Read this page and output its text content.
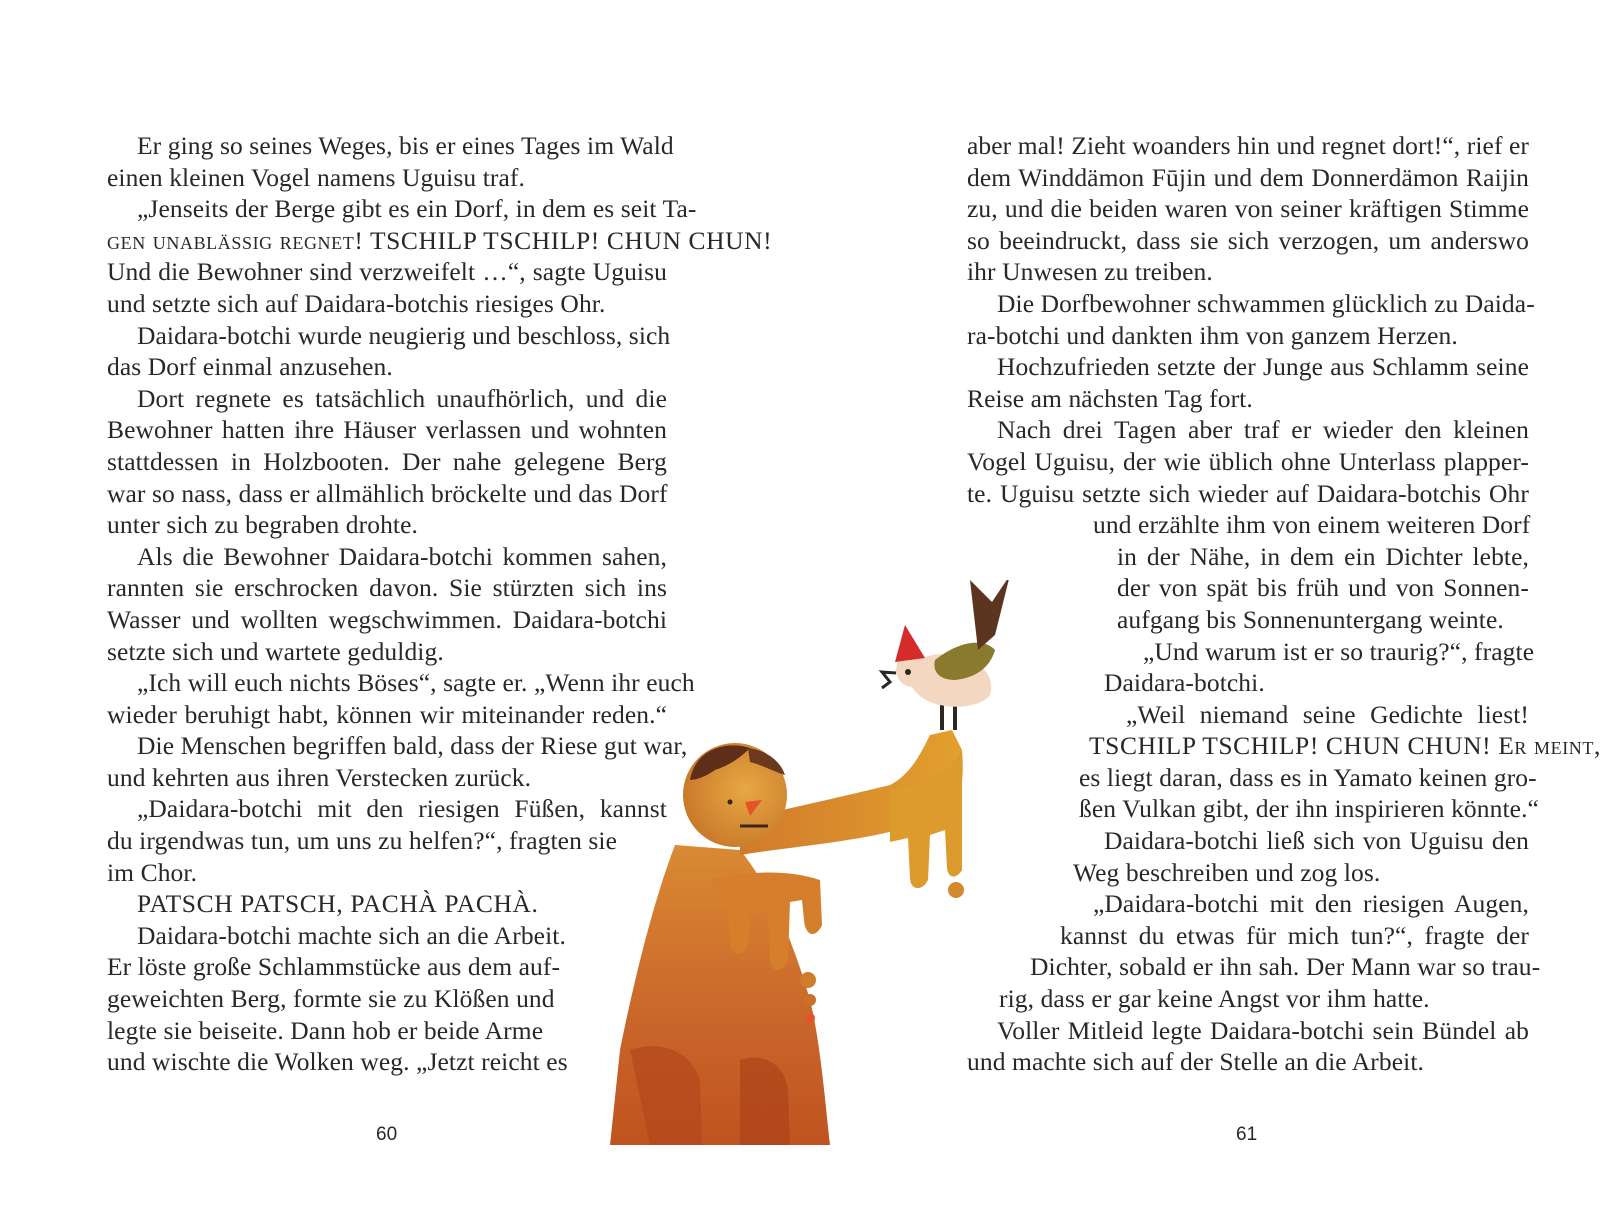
Er ging so seines Weges, bis er eines Tages im Wald
einen kleinen Vogel namens Uguisu traf.
„Jenseits der Berge gibt es ein Dorf, in dem es seit Ta-
gen unablässig regnet! TSCHILP TSCHILP! CHUN CHUN!
Und die Bewohner sind verzweifelt …“, sagte Uguisu
und setzte sich auf Daidara-botchis riesiges Ohr.
Daidara-botchi wurde neugierig und beschloss, sich
das Dorf einmal anzusehen.
Dort regnete es tatsächlich unaufhörlich, und die
Bewohner hatten ihre Häuser verlassen und wohnten
stattdessen in Holzbooten. Der nahe gelegene Berg
war so nass, dass er allmählich bröckelte und das Dorf
unter sich zu begraben drohte.
Als die Bewohner Daidara-botchi kommen sahen,
rannten sie erschrocken davon. Sie stürzten sich ins
Wasser und wollten wegschwimmen. Daidara-botchi
setzte sich und wartete geduldig.
„Ich will euch nichts Böses“, sagte er. „Wenn ihr euch
wieder beruhigt habt, können wir miteinander reden.“
Die Menschen begriffen bald, dass der Riese gut war,
und kehrten aus ihren Verstecken zurück.
„Daidara-botchi mit den riesigen Füßen, kannst
du irgendwas tun, um uns zu helfen?“, fragten sie
im Chor.
PATSCH PATSCH, PACHÀ PACHÀ.
Daidara-botchi machte sich an die Arbeit.
Er löste große Schlammstücke aus dem auf-
geweichten Berg, formte sie zu Klößen und
legte sie beiseite. Dann hob er beide Arme
und wischte die Wolken weg. „Jetzt reicht es
60
aber mal! Zieht woanders hin und regnet dort!“, rief er
dem Winddämon Fūjin und dem Donnerdämon Raijin
zu, und die beiden waren von seiner kräftigen Stimme
so beeindruckt, dass sie sich verzogen, um anderswo
ihr Unwesen zu treiben.
Die Dorfbewohner schwammen glücklich zu Daida-
ra-botchi und dankten ihm von ganzem Herzen.
Hochzufrieden setzte der Junge aus Schlamm seine
Reise am nächsten Tag fort.
Nach drei Tagen aber traf er wieder den kleinen
Vogel Uguisu, der wie üblich ohne Unterlass plapper-
te. Uguisu setzte sich wieder auf Daidara-botchis Ohr
und erzählte ihm von einem weiteren Dorf
in der Nähe, in dem ein Dichter lebte,
der von spät bis früh und von Sonnen-
aufgang bis Sonnenuntergang weinte.
„Und warum ist er so traurig?“, fragte
Daidara-botchi.
„Weil niemand seine Gedichte liest!
TSCHILP TSCHILP! CHUN CHUN! Er meint,
es liegt daran, dass es in Yamato keinen gro-
ßen Vulkan gibt, der ihn inspirieren könnte.“
Daidara-botchi ließ sich von Uguisu den
Weg beschreiben und zog los.
„Daidara-botchi mit den riesigen Augen,
kannst du etwas für mich tun?“, fragte der
Dichter, sobald er ihn sah. Der Mann war so trau-
rig, dass er gar keine Angst vor ihm hatte.
Voller Mitleid legte Daidara-botchi sein Bündel ab
und machte sich auf der Stelle an die Arbeit.
61
